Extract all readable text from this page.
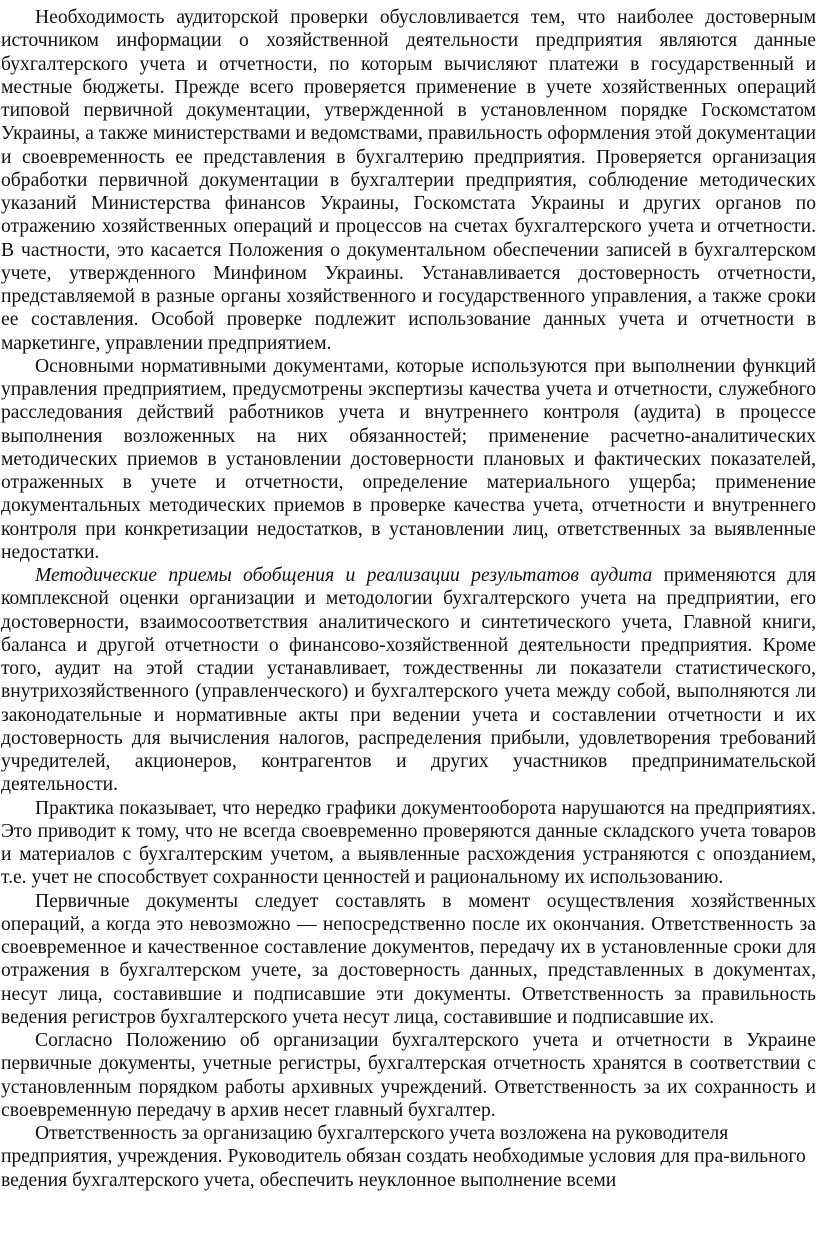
Необходимость аудиторской проверки обусловливается тем, что наиболее достоверным источником информации о хозяйственной деятельности предприятия являются данные бухгалтерского учета и отчетности, по которым вычисляют платежи в государственный и местные бюджеты. Прежде всего проверяется применение в учете хозяйственных операций типовой первичной документации, утвержденной в установленном порядке Госкомстатом Украины, а также министерствами и ведомствами, правильность оформления этой документации и своевременность ее представления в бухгалтерию предприятия. Проверяется организация обработки первичной документации в бухгалтерии предприятия, соблюдение методических указаний Министерства финансов Украины, Госкомстата Украины и других органов по отражению хозяйственных операций и процессов на счетах бухгалтерского учета и отчетности. В частности, это касается Положения о документальном обеспечении записей в бухгалтерском учете, утвержденного Минфином Украины. Устанавливается достоверность отчетности, представляемой в разные органы хозяйственного и государственного управления, а также сроки ее составления. Особой проверке подлежит использование данных учета и отчетности в маркетинге, управлении предприятием.

Основными нормативными документами, которые используются при выполнении функций управления предприятием, предусмотрены экспертизы качества учета и отчетности, служебного расследования действий работников учета и внутреннего контроля (аудита) в процессе выполнения возложенных на них обязанностей; применение расчетно-аналитических методических приемов в установлении достоверности плановых и фактических показателей, отраженных в учете и отчетности, определение материального ущерба; применение документальных методических приемов в проверке качества учета, отчетности и внутреннего контроля при конкретизации недостатков, в установлении лиц, ответственных за выявленные недостатки.

Методические приемы обобщения и реализации результатов аудита применяются для комплексной оценки организации и методологии бухгалтерского учета на предприятии, его достоверности, взаимосоответствия аналитического и синтетического учета, Главной книги, баланса и другой отчетности о финансово-хозяйственной деятельности предприятия. Кроме того, аудит на этой стадии устанавливает, тождественны ли показатели статистического, внутрихозяйственного (управленческого) и бухгалтерского учета между собой, выполняются ли законодательные и нормативные акты при ведении учета и составлении отчетности и их достоверность для вычисления налогов, распределения прибыли, удовлетворения требований учредителей, акционеров, контрагентов и других участников предпринимательской деятельности.

Практика показывает, что нередко графики документооборота нарушаются на предприятиях. Это приводит к тому, что не всегда своевременно проверяются данные складского учета товаров и материалов с бухгалтерским учетом, а выявленные расхождения устраняются с опозданием, т.е. учет не способствует сохранности ценностей и рациональному их использованию.

Первичные документы следует составлять в момент осуществления хозяйственных операций, а когда это невозможно — непосредственно после их окончания. Ответственность за своевременное и качественное составление документов, передачу их в установленные сроки для отражения в бухгалтерском учете, за достоверность данных, представленных в документах, несут лица, составившие и подписавшие эти документы. Ответственность за правильность ведения регистров бухгалтерского учета несут лица, составившие и подписавшие их.

Согласно Положению об организации бухгалтерского учета и отчетности в Украине первичные документы, учетные регистры, бухгалтерская отчетность хранятся в соответствии с установленным порядком работы архивных учреждений. Ответственность за их сохранность и своевременную передачу в архив несет главный бухгалтер.

Ответственность за организацию бухгалтерского учета возложена на руководителя предприятия, учреждения. Руководитель обязан создать необходимые условия для пра-вильного ведения бухгалтерского учета, обеспечить неуклонное выполнение всеми
